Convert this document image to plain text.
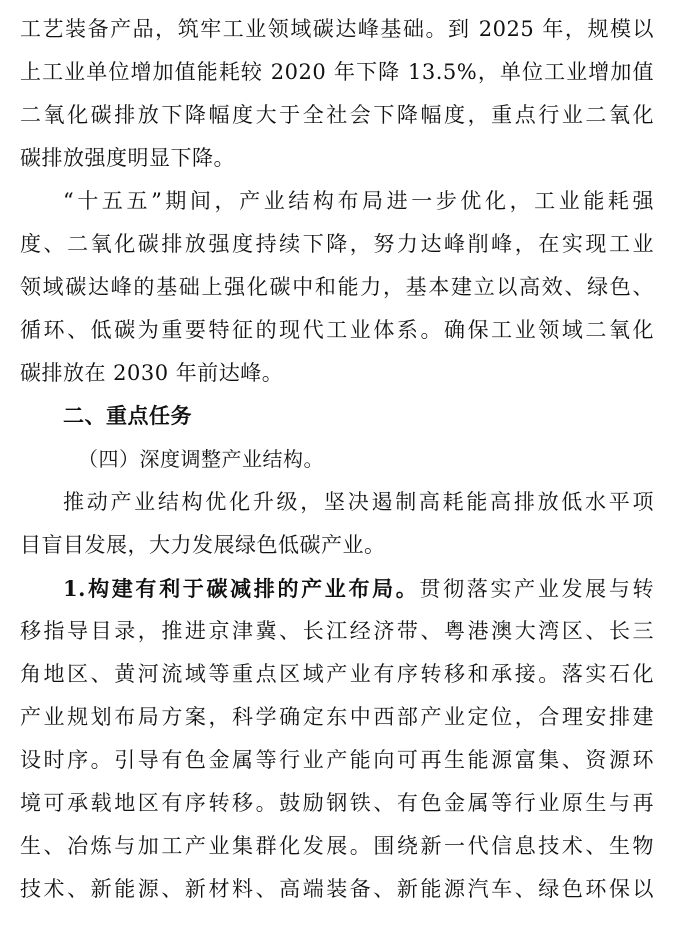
工艺装备产品，筑牢工业领域碳达峰基础。到 2025 年，规模以
上工业单位增加值能耗较 2020 年下降 13.5%，单位工业增加值
二氧化碳排放下降幅度大于全社会下降幅度，重点行业二氧化
碳排放强度明显下降。
“十五五”期间，产业结构布局进一步优化，工业能耗强
度、二氧化碳排放强度持续下降，努力达峰削峰，在实现工业
领域碳达峰的基础上强化碳中和能力，基本建立以高效、绿色、
循环、低碳为重要特征的现代工业体系。确保工业领域二氧化
碳排放在 2030 年前达峰。
二、重点任务
（四）深度调整产业结构。
推动产业结构优化升级，坚决遏制高耗能高排放低水平项
目盲目发展，大力发展绿色低碳产业。
1.构建有利于碳减排的产业布局。贯彻落实产业发展与转
移指导目录，推进京津冀、长江经济带、粤港澳大湾区、长三
角地区、黄河流域等重点区域产业有序转移和承接。落实石化
产业规划布局方案，科学确定东中西部产业定位，合理安排建
设时序。引导有色金属等行业产能向可再生能源富集、资源环
境可承载地区有序转移。鼓励钢铁、有色金属等行业原生与再
生、冶炼与加工产业集群化发展。围绕新一代信息技术、生物
技术、新能源、新材料、高端装备、新能源汽车、绿色环保以
